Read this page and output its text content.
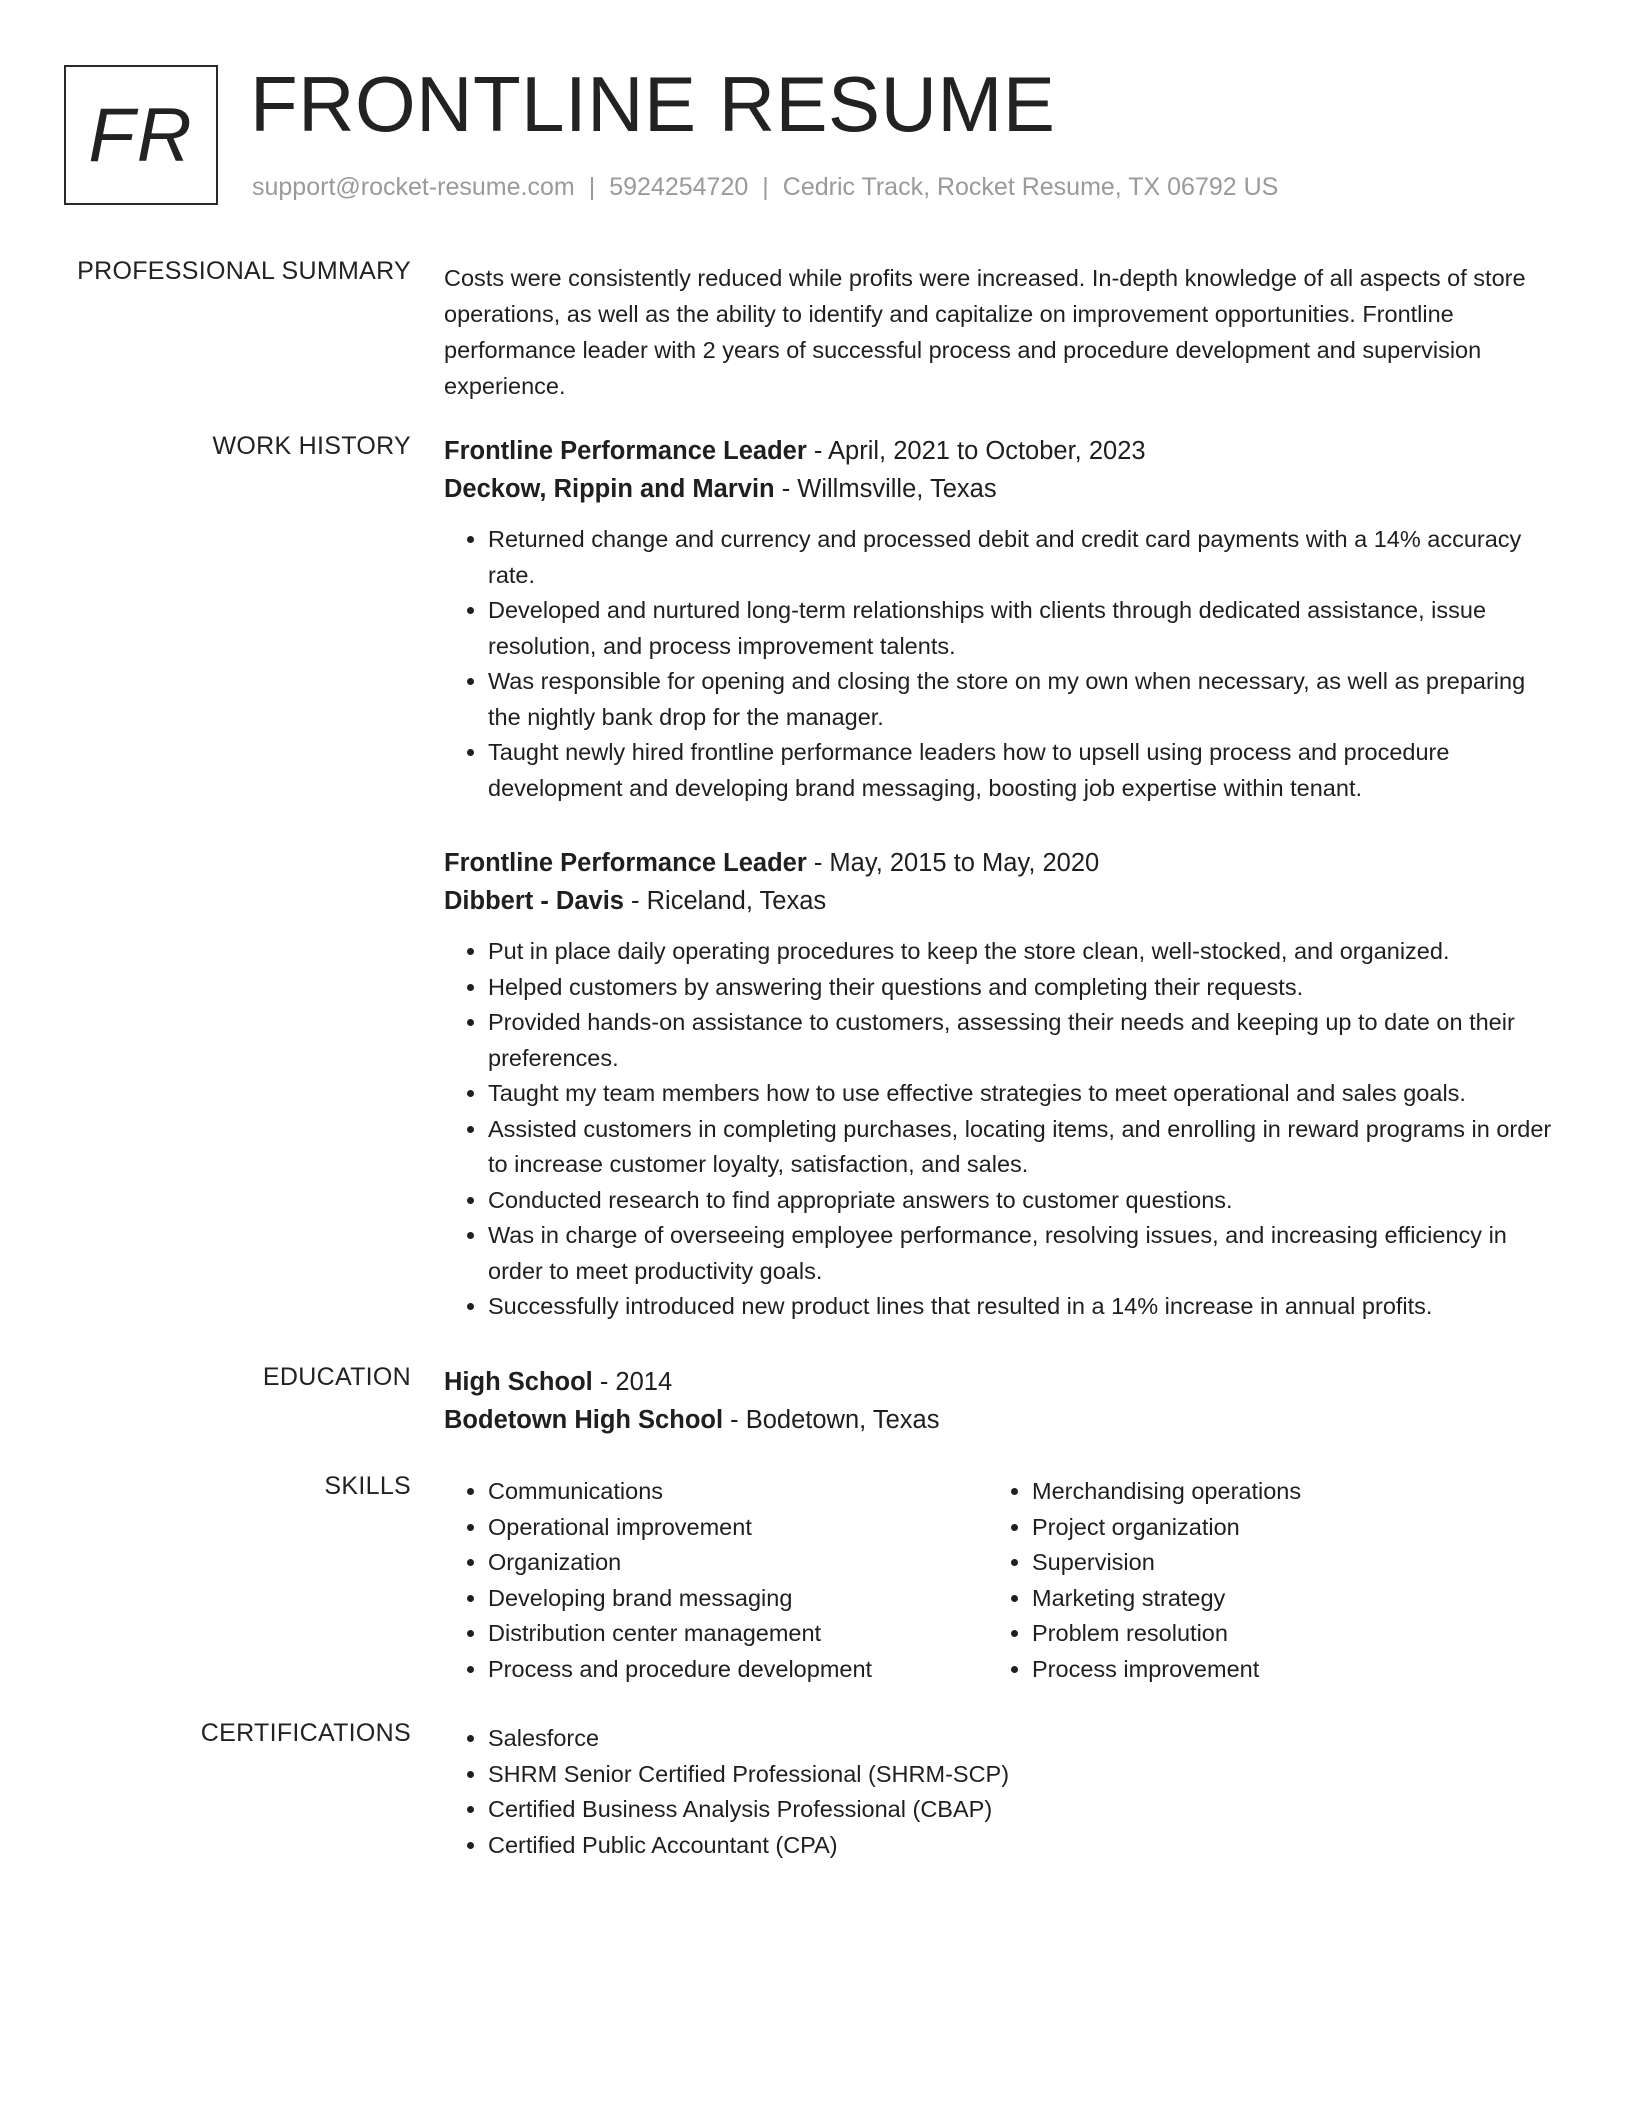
FR FRONTLINE RESUME
support@rocket-resume.com | 5924254720 | Cedric Track, Rocket Resume, TX 06792 US
PROFESSIONAL SUMMARY Costs were consistently reduced while profits were increased. In-depth knowledge of all aspects of store operations, as well as the ability to identify and capitalize on improvement opportunities. Frontline performance leader with 2 years of successful process and procedure development and supervision experience.

WORK HISTORY Frontline Performance Leader - April, 2021 to October, 2023
Deckow, Rippin and Marvin - Willmsville, Texas
• Returned change and currency and processed debit and credit card payments with a 14% accuracy rate.
• Developed and nurtured long-term relationships with clients through dedicated assistance, issue resolution, and process improvement talents.
• Was responsible for opening and closing the store on my own when necessary, as well as preparing the nightly bank drop for the manager.
• Taught newly hired frontline performance leaders how to upsell using process and procedure development and developing brand messaging, boosting job expertise within tenant.
Frontline Performance Leader - May, 2015 to May, 2020
Dibbert - Davis - Riceland, Texas
• Put in place daily operating procedures to keep the store clean, well-stocked, and organized.
• Helped customers by answering their questions and completing their requests.
• Provided hands-on assistance to customers, assessing their needs and keeping up to date on their preferences.
• Taught my team members how to use effective strategies to meet operational and sales goals.
• Assisted customers in completing purchases, locating items, and enrolling in reward programs in order to increase customer loyalty, satisfaction, and sales.
• Conducted research to find appropriate answers to customer questions.
• Was in charge of overseeing employee performance, resolving issues, and increasing efficiency in order to meet productivity goals.
• Successfully introduced new product lines that resulted in a 14% increase in annual profits.
EDUCATION High School - 2014
Bodetown High School - Bodetown, Texas
SKILLS	• Communications
• Operational improvement
• Organization
• Developing brand messaging
• Distribution center management
• Process and procedure development
• Merchandising operations
• Project organization
• Supervision
• Marketing strategy
• Problem resolution
• Process improvement
CERTIFICATIONS	• Salesforce
• SHRM Senior Certified Professional (SHRM-SCP)
• Certified Business Analysis Professional (CBAP)
• Certified Public Accountant (CPA)
